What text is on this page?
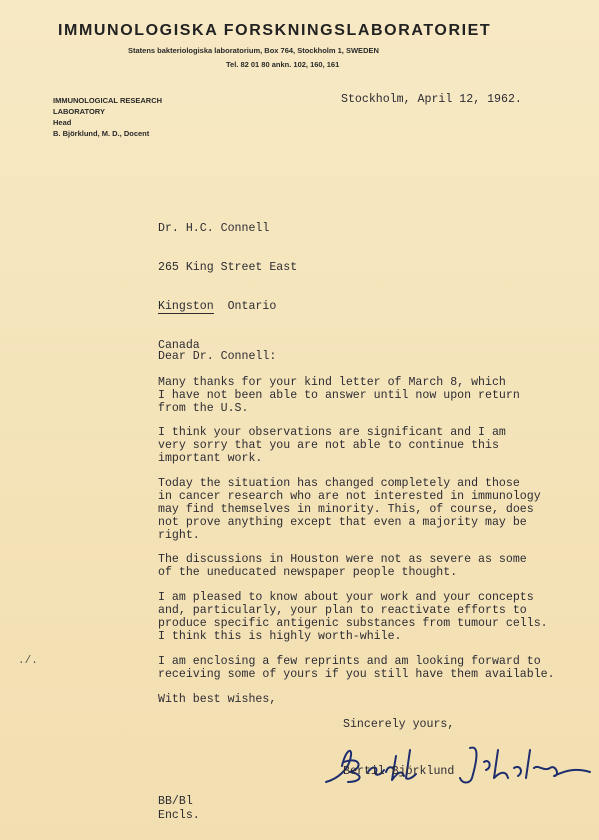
IMMUNOLOGISKA FORSKNINGSLABORATORIET
Statens bakteriologiska laboratorium, Box 764, Stockholm 1, SWEDEN
Tel. 82 01 80 ankn. 102, 160, 161
IMMUNOLOGICAL RESEARCH
LABORATORY
Head
B. Björklund, M. D., Docent
Stockholm, April 12, 1962.

Dr. H.C. Connell

265 King Street East

Kingston Ontario

Canada

Dear Dr. Connell:
Many thanks for your kind letter of March 8, which
I have not been able to answer until now upon return
from the U.S.
I think your observations are significant and I am
very sorry that you are not able to continue this
important work.
Today the situation has changed completely and those
in cancer research who are not interested in immunology
may find themselves in minority. This, of course, does
not prove anything except that even a majority may be
right.
The discussions in Houston were not as severe as some
of the uneducated newspaper people thought.
I am pleased to know about your work and your concepts
and, particularly, your plan to reactivate efforts to
produce specific antigenic substances from tumour cells.
I think this is highly worth-while.
./.	I am enclosing a few reprints and am looking forward to
receiving some of yours if you still have them available.
With best wishes,
Sincerely yours,
Bertil Björklund
BB/Bl
Encls.
